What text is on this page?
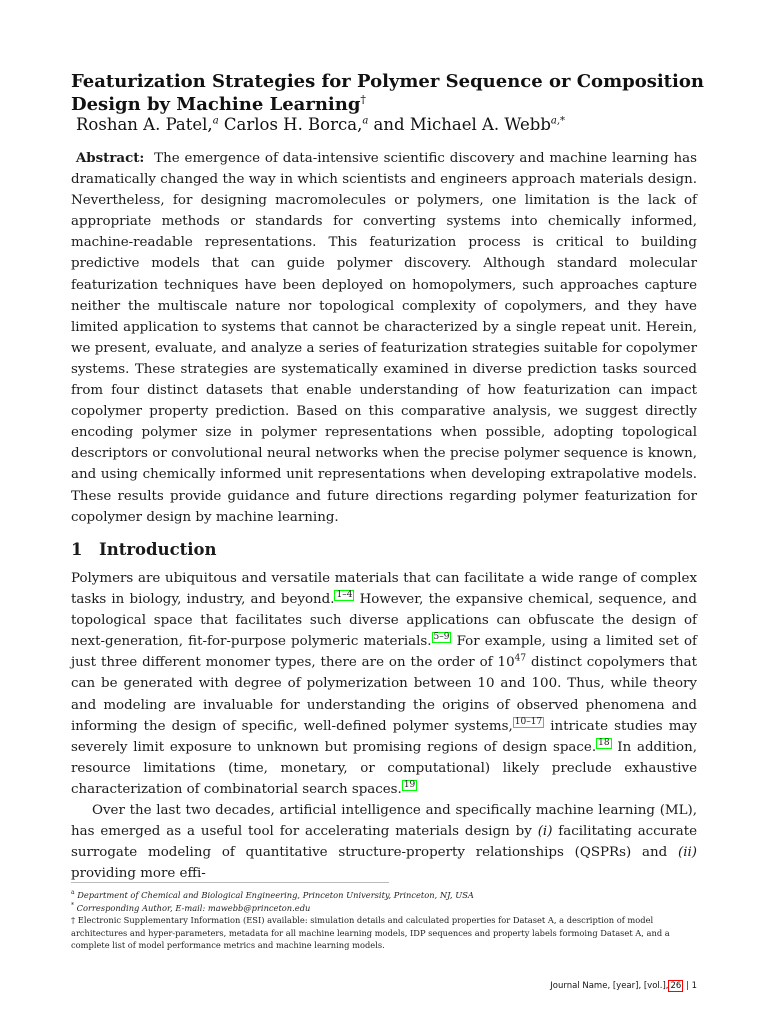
Featurization Strategies for Polymer Sequence or Composition Design by Machine Learning†
Roshan A. Patel,$^a$ Carlos H. Borca,$^a$ and Michael A. Webb$^{a,*}$
Abstract: The emergence of data-intensive scientific discovery and machine learning has dramatically changed the way in which scientists and engineers approach materials design. Nevertheless, for designing macromolecules or polymers, one limitation is the lack of appropriate methods or standards for converting systems into chemically informed, machine-readable representations. This featurization process is critical to building predictive models that can guide polymer discovery. Although standard molecular featurization techniques have been deployed on homopolymers, such approaches capture neither the multiscale nature nor topological complexity of copolymers, and they have limited application to systems that cannot be characterized by a single repeat unit. Herein, we present, evaluate, and analyze a series of featurization strategies suitable for copolymer systems. These strategies are systematically examined in diverse prediction tasks sourced from four distinct datasets that enable understanding of how featurization can impact copolymer property prediction. Based on this comparative analysis, we suggest directly encoding polymer size in polymer representations when possible, adopting topological descriptors or convolutional neural networks when the precise polymer sequence is known, and using chemically informed unit representations when developing extrapolative models. These results provide guidance and future directions regarding polymer featurization for copolymer design by machine learning.
1 Introduction

Polymers are ubiquitous and versatile materials that can facilitate a wide range of complex tasks in biology, industry, and beyond. 1–4 However, the expansive chemical, sequence, and topological space that facilitates such diverse applications can obfuscate the design of next-generation, fit-for-purpose polymeric materials. 5–9 For example, using a limited set of just three different monomer types, there are on the order of $10^{47}$ distinct copolymers that can be generated with degree of polymerization between 10 and 100. Thus, while theory and modeling are invaluable for understanding the origins of observed phenomena and informing the design of specific, well-defined polymer systems, 10–17 intricate studies may severely limit exposure to unknown but promising regions of design space. 18 In addition, resource limitations (time, monetary, or computational) likely preclude exhaustive characterization of combinatorial search spaces. 19

Over the last two decades, artificial intelligence and specifically machine learning (ML), has emerged as a useful tool for accelerating materials design by (i) facilitating accurate surrogate modeling of quantitative structure-property relationships (QSPRs) and (ii) providing more effi-

$^a$ Department of Chemical and Biological Engineering, Princeton University, Princeton, NJ, USA
* Corresponding Author, E-mail: mawebb@princeton.edu
† Electronic Supplementary Information (ESI) available: simulation details and calculated properties for Dataset A, a description of model architectures and hyper-parameters, metadata for all machine learning models, IDP sequences and property labels formoing Dataset A, and a complete list of model performance metrics and machine learning models.
Journal Name, [year], [vol.], 26 | 1
